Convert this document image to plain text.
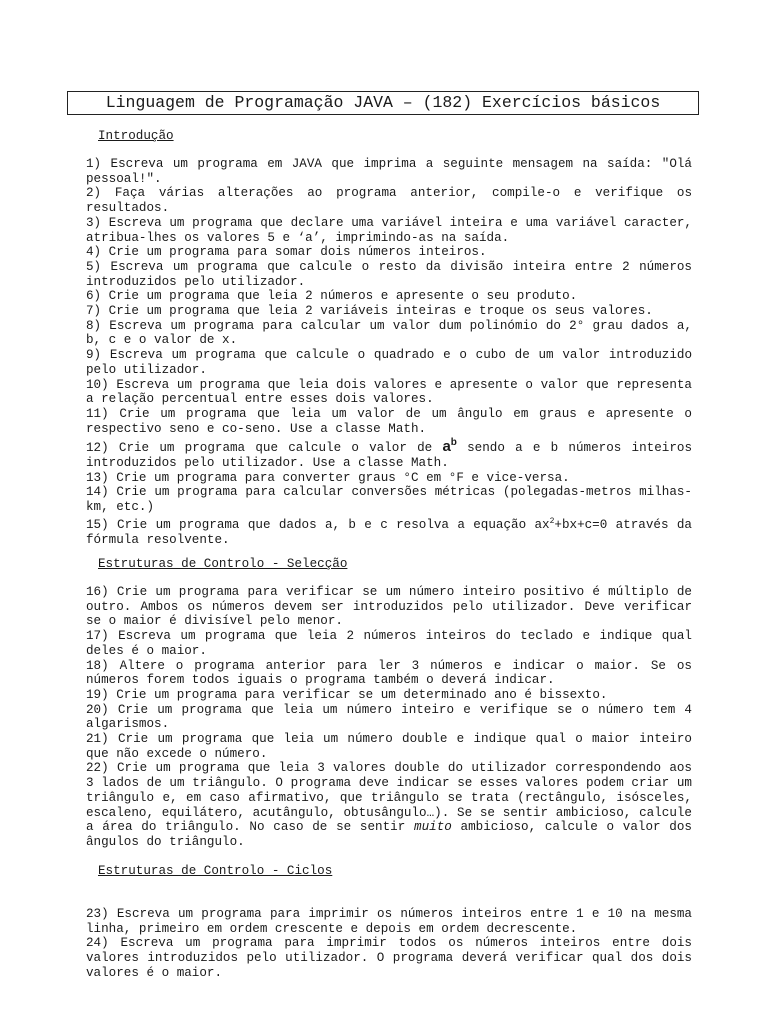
Linguagem de Programação JAVA – (182) Exercícios básicos
Introdução
1) Escreva um programa em JAVA que imprima a seguinte mensagem na saída: "Olá pessoal!".
2) Faça várias alterações ao programa anterior, compile-o e verifique os resultados.
3) Escreva um programa que declare uma variável inteira e uma variável caracter, atribua-lhes os valores 5 e ‘a’, imprimindo-as na saída.
4) Crie um programa para somar dois números inteiros.
5) Escreva um programa que calcule o resto da divisão inteira entre 2 números introduzidos pelo utilizador.
6) Crie um programa que leia 2 números e apresente o seu produto.
7) Crie um programa que leia 2 variáveis inteiras e troque os seus valores.
8) Escreva um programa para calcular um valor dum polinómio do 2° grau dados a, b, c e o valor de x.
9) Escreva um programa que calcule o quadrado e o cubo de um valor introduzido pelo utilizador.
10) Escreva um programa que leia dois valores e apresente o valor que representa a relação percentual entre esses dois valores.
11) Crie um programa que leia um valor de um ângulo em graus e apresente o respectivo seno e co-seno. Use a classe Math.
12) Crie um programa que calcule o valor de $a^b$ sendo a e b números inteiros introduzidos pelo utilizador. Use a classe Math.
13) Crie um programa para converter graus °C em °F e vice-versa.
14) Crie um programa para calcular conversões métricas (polegadas-metros milhas-km, etc.)
15) Crie um programa que dados a, b e c resolva a equação $ax^2+bx+c=0$ através da fórmula resolvente.
Estruturas de Controlo - Selecção
16) Crie um programa para verificar se um número inteiro positivo é múltiplo de outro. Ambos os números devem ser introduzidos pelo utilizador. Deve verificar se o maior é divisível pelo menor.
17) Escreva um programa que leia 2 números inteiros do teclado e indique qual deles é o maior.
18) Altere o programa anterior para ler 3 números e indicar o maior. Se os números forem todos iguais o programa também o deverá indicar.
19) Crie um programa para verificar se um determinado ano é bissexto.
20) Crie um programa que leia um número inteiro e verifique se o número tem 4 algarismos.
21) Crie um programa que leia um número double e indique qual o maior inteiro que não excede o número.
22) Crie um programa que leia 3 valores double do utilizador correspondendo aos 3 lados de um triângulo. O programa deve indicar se esses valores podem criar um triângulo e, em caso afirmativo, que triângulo se trata (rectângulo, isósceles, escaleno, equilátero, acutângulo, obtusângulo…). Se se sentir ambicioso, calcule a área do triângulo. No caso de se sentir muito ambicioso, calcule o valor dos ângulos do triângulo.
Estruturas de Controlo - Ciclos
23) Escreva um programa para imprimir os números inteiros entre 1 e 10 na mesma linha, primeiro em ordem crescente e depois em ordem decrescente.
24) Escreva um programa para imprimir todos os números inteiros entre dois valores introduzidos pelo utilizador. O programa deverá verificar qual dos dois valores é o maior.
